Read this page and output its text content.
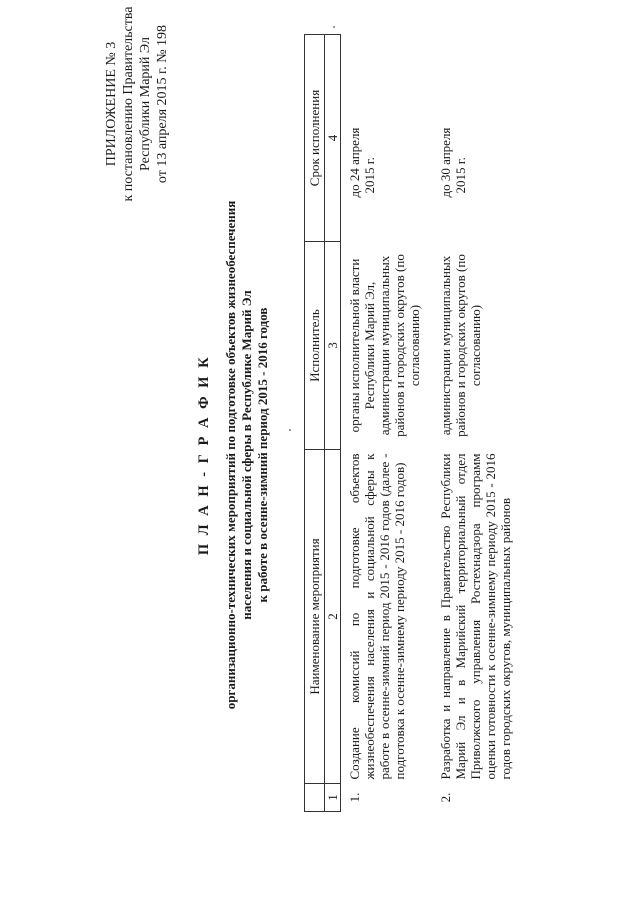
ПРИЛОЖЕНИЕ № 3 к постановлению Правительства Республики Марий Эл от 13 апреля 2015 г. № 198
П Л А Н - Г Р А Ф И К организационно-технических мероприятий по подготовке объектов жизнеобеспечения населения и социальной сферы в Республике Марий Эл к работе в осенне-зимний период 2015 - 2016 годов
	Наименование мероприятия	Исполнитель	Срок исполнения
1	2	3	4
1.	Создание комиссий по подготовке объектов жизнеобеспечения населения и социальной сферы к работе в осенне-зимний период 2015 - 2016 годов (далее - подготовка к осенне-зимнему периоду 2015 - 2016 годов)	органы исполнительной власти Республики Марий Эл, администрации муниципальных районов и городских округов (по согласованию)	до 24 апреля 2015 г.

2.	Разработка и направление в Правительство Республики Марий Эл и в Марийский территориальный отдел Приволжского управления Ростехнадзора программ оценки готовности к осенне-зимнему периоду 2015 - 2016 годов городских округов, муниципальных районов	администрации муниципальных районов и городских округов (по согласованию)	до 30 апреля 2015 г.
